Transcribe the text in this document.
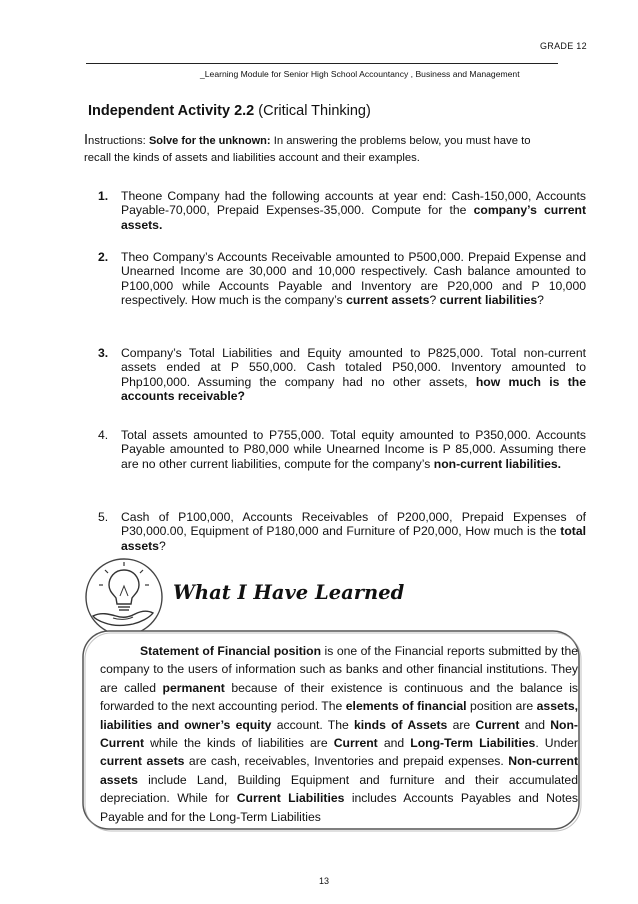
GRADE 12
_Learning Module for Senior High School Accountancy , Business and Management
Independent Activity 2.2 (Critical Thinking)
Instructions: Solve for the unknown: In answering the problems below, you must have to recall the kinds of assets and liabilities account and their examples.
1.	Theone Company had the following accounts at year end: Cash-150,000, Accounts Payable-70,000, Prepaid Expenses-35,000. Compute for the company’s current assets.
2.	Theo Company’s Accounts Receivable amounted to P500,000. Prepaid Expense and Unearned Income are 30,000 and 10,000 respectively. Cash balance amounted to P100,000 while Accounts Payable and Inventory are P20,000 and P 10,000 respectively. How much is the company’s current assets? current liabilities?
3.	Company’s Total Liabilities and Equity amounted to P825,000. Total non-current assets ended at P 550,000. Cash totaled P50,000. Inventory amounted to Php100,000. Assuming the company had no other assets, how much is the accounts receivable?
4.	Total assets amounted to P755,000. Total equity amounted to P350,000. Accounts Payable amounted to P80,000 while Unearned Income is P 85,000. Assuming there are no other current liabilities, compute for the company’s non-current liabilities.
5.	Cash of P100,000, Accounts Receivables of P200,000, Prepaid Expenses of P30,000.00, Equipment of P180,000 and Furniture of P20,000, How much is the total assets?
What I Have Learned
Statement of Financial position is one of the Financial reports submitted by the company to the users of information such as banks and other financial institutions. They are called permanent because of their existence is continuous and the balance is forwarded to the next accounting period. The elements of financial position are assets, liabilities and owner’s equity account. The kinds of Assets are Current and Non-Current while the kinds of liabilities are Current and Long-Term Liabilities. Under current assets are cash, receivables, Inventories and prepaid expenses. Non-current assets include Land, Building Equipment and furniture and their accumulated depreciation. While for Current Liabilities includes Accounts Payables and Notes Payable and for the Long-Term Liabilities
13
